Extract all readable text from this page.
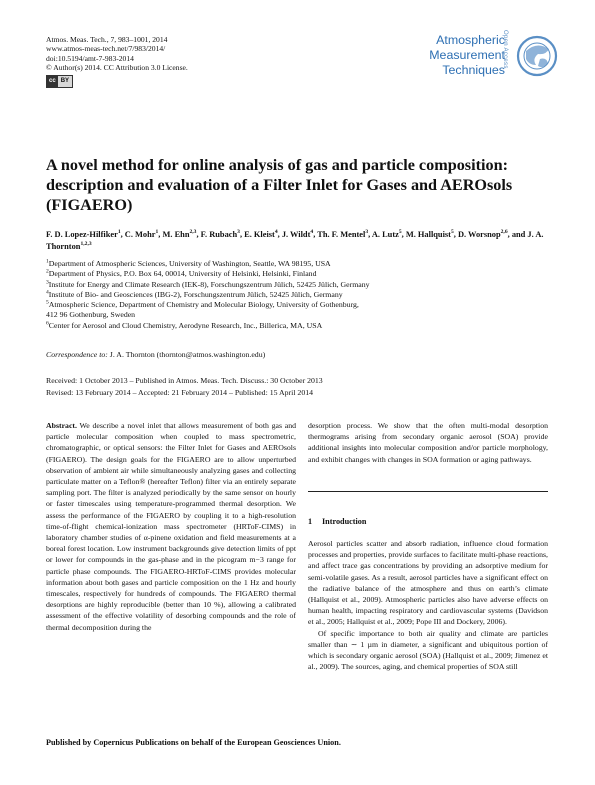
Atmos. Meas. Tech., 7, 983–1001, 2014
www.atmos-meas-tech.net/7/983/2014/
doi:10.5194/amt-7-983-2014
© Author(s) 2014. CC Attribution 3.0 License.
cc BY
Atmospheric
Measurement
Techniques
Open Access
A novel method for online analysis of gas and particle composition: description and evaluation of a Filter Inlet for Gases and AEROsols (FIGAERO)
F. D. Lopez-Hilfiker$^1$, C. Mohr$^1$, M. Ehn$^{2,3}$, F. Rubach$^3$, E. Kleist$^4$, J. Wildt$^4$, Th. F. Mentel$^3$, A. Lutz$^5$, M. Hallquist$^5$, D. Worsnop$^{2,6}$, and J. A. Thornton$^{1,2,3}$
$^1$Department of Atmospheric Sciences, University of Washington, Seattle, WA 98195, USA
$^2$Department of Physics, P.O. Box 64, 00014, University of Helsinki, Helsinki, Finland
$^3$Institute for Energy and Climate Research (IEK-8), Forschungszentrum Jülich, 52425 Jülich, Germany
$^4$Institute of Bio- and Geosciences (IBG-2), Forschungszentrum Jülich, 52425 Jülich, Germany
$^5$Atmospheric Science, Department of Chemistry and Molecular Biology, University of Gothenburg,
412 96 Gothenburg, Sweden
$^6$Center for Aerosol and Cloud Chemistry, Aerodyne Research, Inc., Billerica, MA, USA
Correspondence to: J. A. Thornton (thornton@atmos.washington.edu)
Received: 1 October 2013 – Published in Atmos. Meas. Tech. Discuss.: 30 October 2013
Revised: 13 February 2014 – Accepted: 21 February 2014 – Published: 15 April 2014

Abstract. We describe a novel inlet that allows measurement of both gas and particle molecular composition when coupled to mass spectrometric, chromatographic, or optical sensors: the Filter Inlet for Gases and AEROsols (FIGAERO). The design goals for the FIGAERO are to allow unperturbed observation of ambient air while simultaneously analyzing gases and collecting particulate matter on a Teflon® (hereafter Teflon) filter via an entirely separate sampling port. The filter is analyzed periodically by the same sensor on hourly or faster timescales using temperature-programmed thermal desorption. We assess the performance of the FIGAERO by coupling it to a high-resolution time-of-flight chemical-ionization mass spectrometer (HRToF-CIMS) in laboratory chamber studies of α-pinene oxidation and field measurements at a boreal forest location. Low instrument backgrounds give detection limits of ppt or lower for compounds in the gas-phase and in the picogram m−3 range for particle phase compounds. The FIGAERO-HRToF-CIMS provides molecular information about both gases and particle composition on the 1 Hz and hourly timescales, respectively for hundreds of compounds. The FIGAERO thermal desorptions are highly reproducible (better than 10 %), allowing a calibrated assessment of the effective volatility of desorbing compounds and the role of thermal decomposition during the

desorption process. We show that the often multi-modal desorption thermograms arising from secondary organic aerosol (SOA) provide additional insights into molecular composition and/or particle morphology, and exhibit changes with changes in SOA formation or aging pathways.

1 Introduction

Aerosol particles scatter and absorb radiation, influence cloud formation processes and properties, provide surfaces to facilitate multi-phase reactions, and affect trace gas concentrations by providing an adsorptive medium for semi-volatile gases. As a result, aerosol particles have a significant effect on the radiative balance of the atmosphere and thus on earth’s climate (Hallquist et al., 2009). Atmospheric particles also have adverse effects on human health, impacting respiratory and cardiovascular systems (Davidson et al., 2005; Hallquist et al., 2009; Pope III and Dockery, 2006).

Of specific importance to both air quality and climate are particles smaller than ∼ 1 µm in diameter, a significant and ubiquitous portion of which is secondary organic aerosol (SOA) (Hallquist et al., 2009; Jimenez et al., 2009). The sources, aging, and chemical properties of SOA still

Published by Copernicus Publications on behalf of the European Geosciences Union.
